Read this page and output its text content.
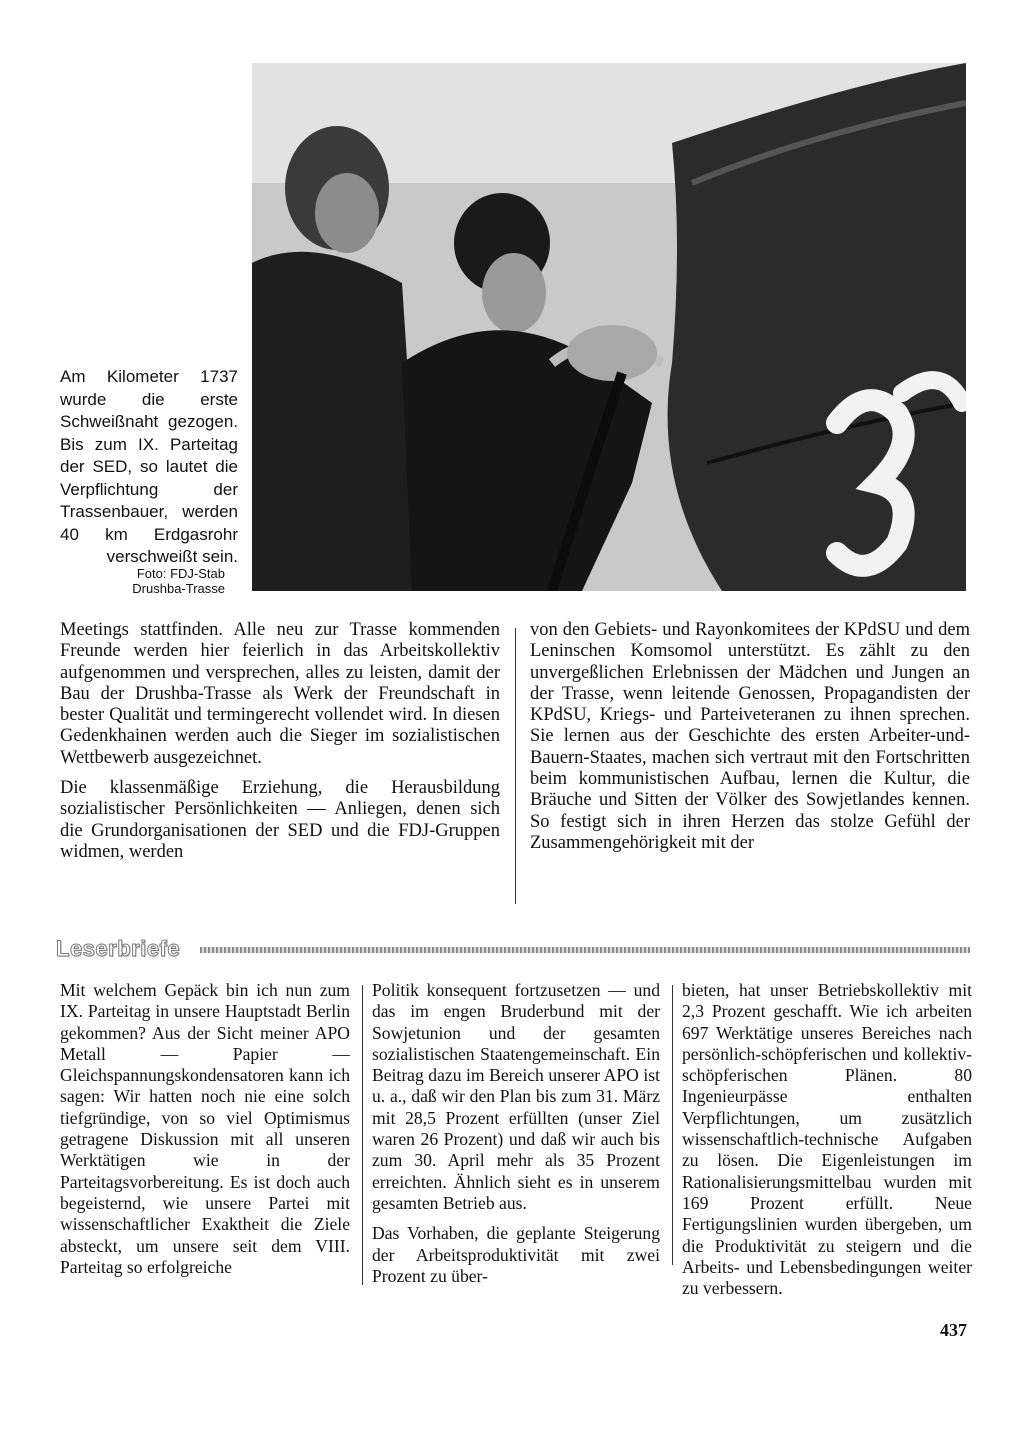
Am Kilometer 1737 wurde die erste Schweißnaht gezogen. Bis zum IX. Parteitag der SED, so lautet die Verpflichtung der Trassenbauer, werden 40 km Erdgasrohr verschweißt sein.
Foto: FDJ-Stab
Drushba-Trasse

Meetings stattfinden. Alle neu zur Trasse kommenden Freunde werden hier feierlich in das Arbeitskollektiv aufgenommen und versprechen, alles zu leisten, damit der Bau der Drushba-Trasse als Werk der Freundschaft in bester Qualität und termingerecht vollendet wird. In diesen Gedenkhainen werden auch die Sieger im sozialistischen Wettbewerb ausgezeichnet.

Die klassenmäßige Erziehung, die Herausbildung sozialistischer Persönlichkeiten — Anliegen, denen sich die Grundorganisationen der SED und die FDJ-Gruppen widmen, werden

von den Gebiets- und Rayonkomitees der KPdSU und dem Leninschen Komsomol unterstützt. Es zählt zu den unvergeßlichen Erlebnissen der Mädchen und Jungen an der Trasse, wenn leitende Genossen, Propagandisten der KPdSU, Kriegs- und Parteiveteranen zu ihnen sprechen. Sie lernen aus der Geschichte des ersten Arbeiter-und-Bauern-Staates, machen sich vertraut mit den Fortschritten beim kommunistischen Aufbau, lernen die Kultur, die Bräuche und Sitten der Völker des Sowjetlandes kennen. So festigt sich in ihren Herzen das stolze Gefühl der Zusammengehörigkeit mit der

Leserbriefe

Mit welchem Gepäck bin ich nun zum IX. Parteitag in unsere Hauptstadt Berlin gekommen? Aus der Sicht meiner APO Metall — Papier — Gleichspannungskondensatoren kann ich sagen: Wir hatten noch nie eine solch tiefgründige, von so viel Optimismus getragene Diskussion mit all unseren Werktätigen wie in der Parteitagsvorbereitung. Es ist doch auch begeisternd, wie unsere Partei mit wissenschaftlicher Exaktheit die Ziele absteckt, um unsere seit dem VIII. Parteitag so erfolgreiche

Politik konsequent fortzusetzen — und das im engen Bruderbund mit der Sowjetunion und der gesamten sozialistischen Staatengemeinschaft. Ein Beitrag dazu im Bereich unserer APO ist u. a., daß wir den Plan bis zum 31. März mit 28,5 Prozent erfüllten (unser Ziel waren 26 Prozent) und daß wir auch bis zum 30. April mehr als 35 Prozent erreichten. Ähnlich sieht es in unserem gesamten Betrieb aus.

Das Vorhaben, die geplante Steigerung der Arbeitsproduktivität mit zwei Prozent zu über-

bieten, hat unser Betriebskollektiv mit 2,3 Prozent geschafft. Wie ich arbeiten 697 Werktätige unseres Bereiches nach persönlich-schöpferischen und kollektiv-schöpferischen Plänen. 80 Ingenieurpässe enthalten Verpflichtungen, um zusätzlich wissenschaftlich-technische Aufgaben zu lösen. Die Eigenleistungen im Rationalisierungsmittelbau wurden mit 169 Prozent erfüllt. Neue Fertigungslinien wurden übergeben, um die Produktivität zu steigern und die Arbeits- und Lebensbedingungen weiter zu verbessern.

437
